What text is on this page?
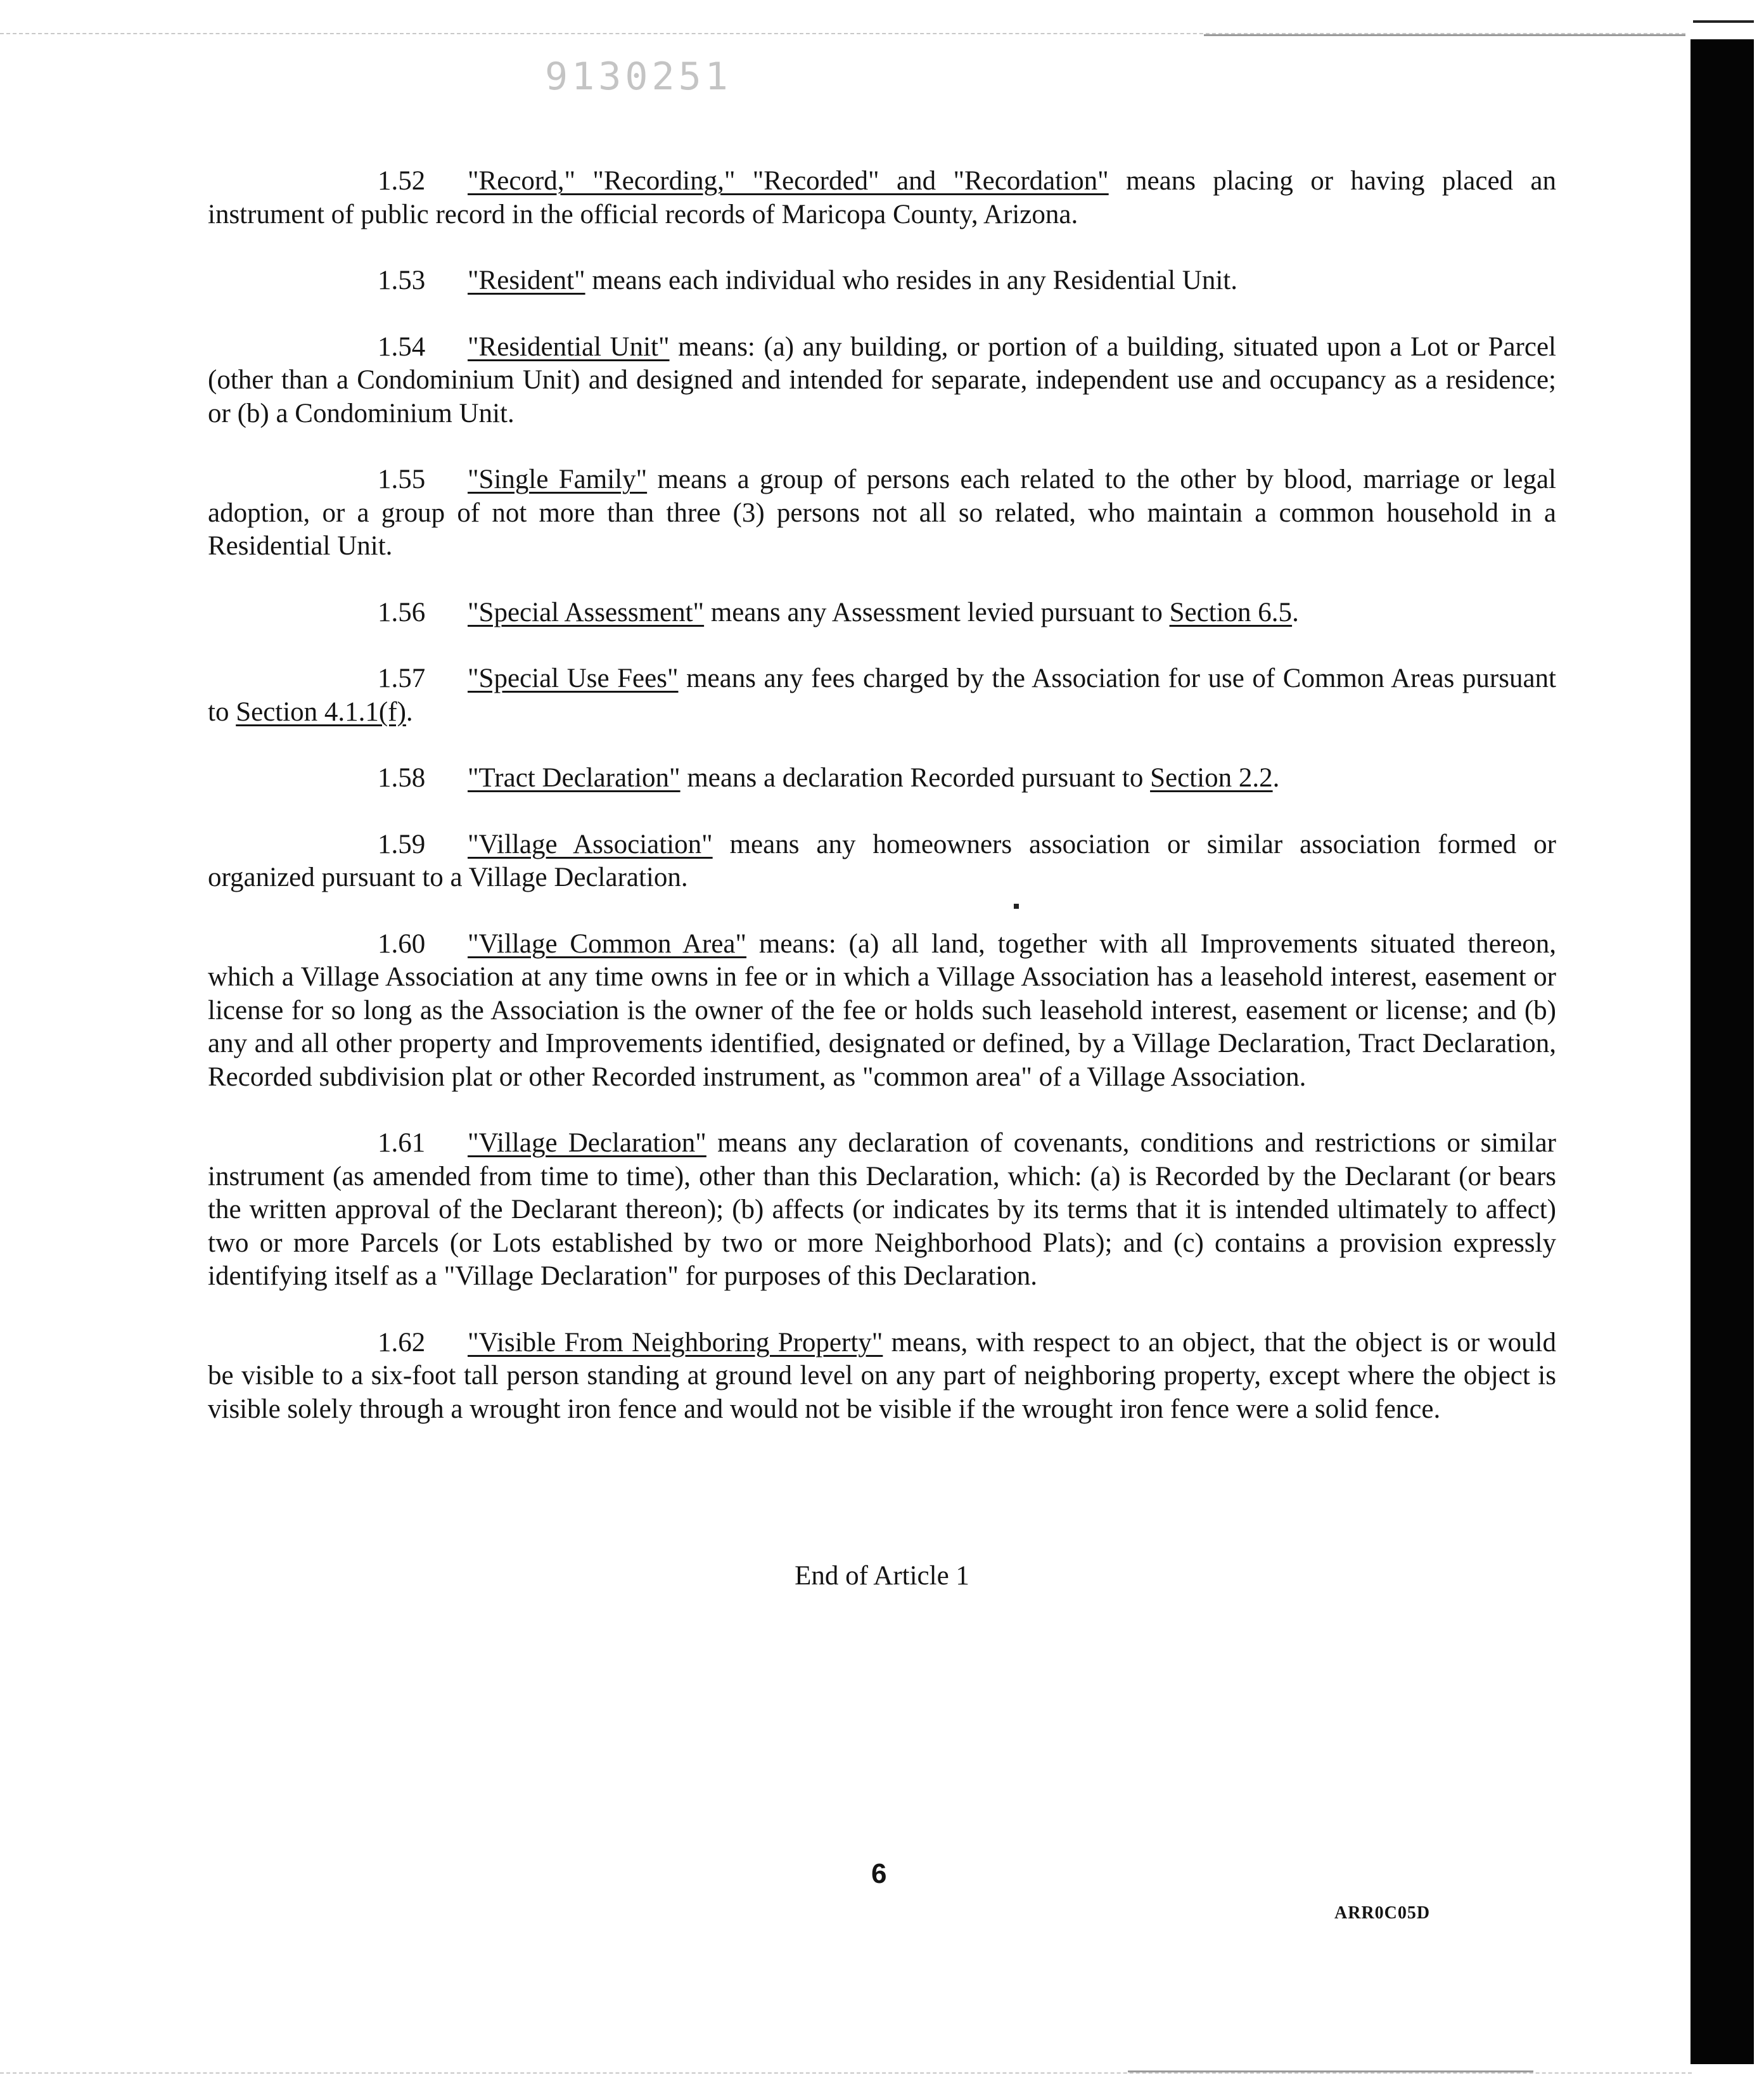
9130251

1.52 "Record," "Recording," "Recorded" and "Recordation" means placing or having placed an instrument of public record in the official records of Maricopa County, Arizona.

1.53 "Resident" means each individual who resides in any Residential Unit.

1.54 "Residential Unit" means: (a) any building, or portion of a building, situated upon a Lot or Parcel (other than a Condominium Unit) and designed and intended for separate, independent use and occupancy as a residence; or (b) a Condominium Unit.

1.55 "Single Family" means a group of persons each related to the other by blood, marriage or legal adoption, or a group of not more than three (3) persons not all so related, who maintain a common household in a Residential Unit.

1.56 "Special Assessment" means any Assessment levied pursuant to Section 6.5.

1.57 "Special Use Fees" means any fees charged by the Association for use of Common Areas pursuant to Section 4.1.1(f).

1.58 "Tract Declaration" means a declaration Recorded pursuant to Section 2.2.

1.59 "Village Association" means any homeowners association or similar association formed or organized pursuant to a Village Declaration.

1.60 "Village Common Area" means: (a) all land, together with all Improvements situated thereon, which a Village Association at any time owns in fee or in which a Village Association has a leasehold interest, easement or license for so long as the Association is the owner of the fee or holds such leasehold interest, easement or license; and (b) any and all other property and Improvements identified, designated or defined, by a Village Declaration, Tract Declaration, Recorded subdivision plat or other Recorded instrument, as "common area" of a Village Association.

1.61 "Village Declaration" means any declaration of covenants, conditions and restrictions or similar instrument (as amended from time to time), other than this Declaration, which: (a) is Recorded by the Declarant (or bears the written approval of the Declarant thereon); (b) affects (or indicates by its terms that it is intended ultimately to affect) two or more Parcels (or Lots established by two or more Neighborhood Plats); and (c) contains a provision expressly identifying itself as a "Village Declaration" for purposes of this Declaration.

1.62 "Visible From Neighboring Property" means, with respect to an object, that the object is or would be visible to a six-foot tall person standing at ground level on any part of neighboring property, except where the object is visible solely through a wrought iron fence and would not be visible if the wrought iron fence were a solid fence.

End of Article 1
6
ARR0C05D
